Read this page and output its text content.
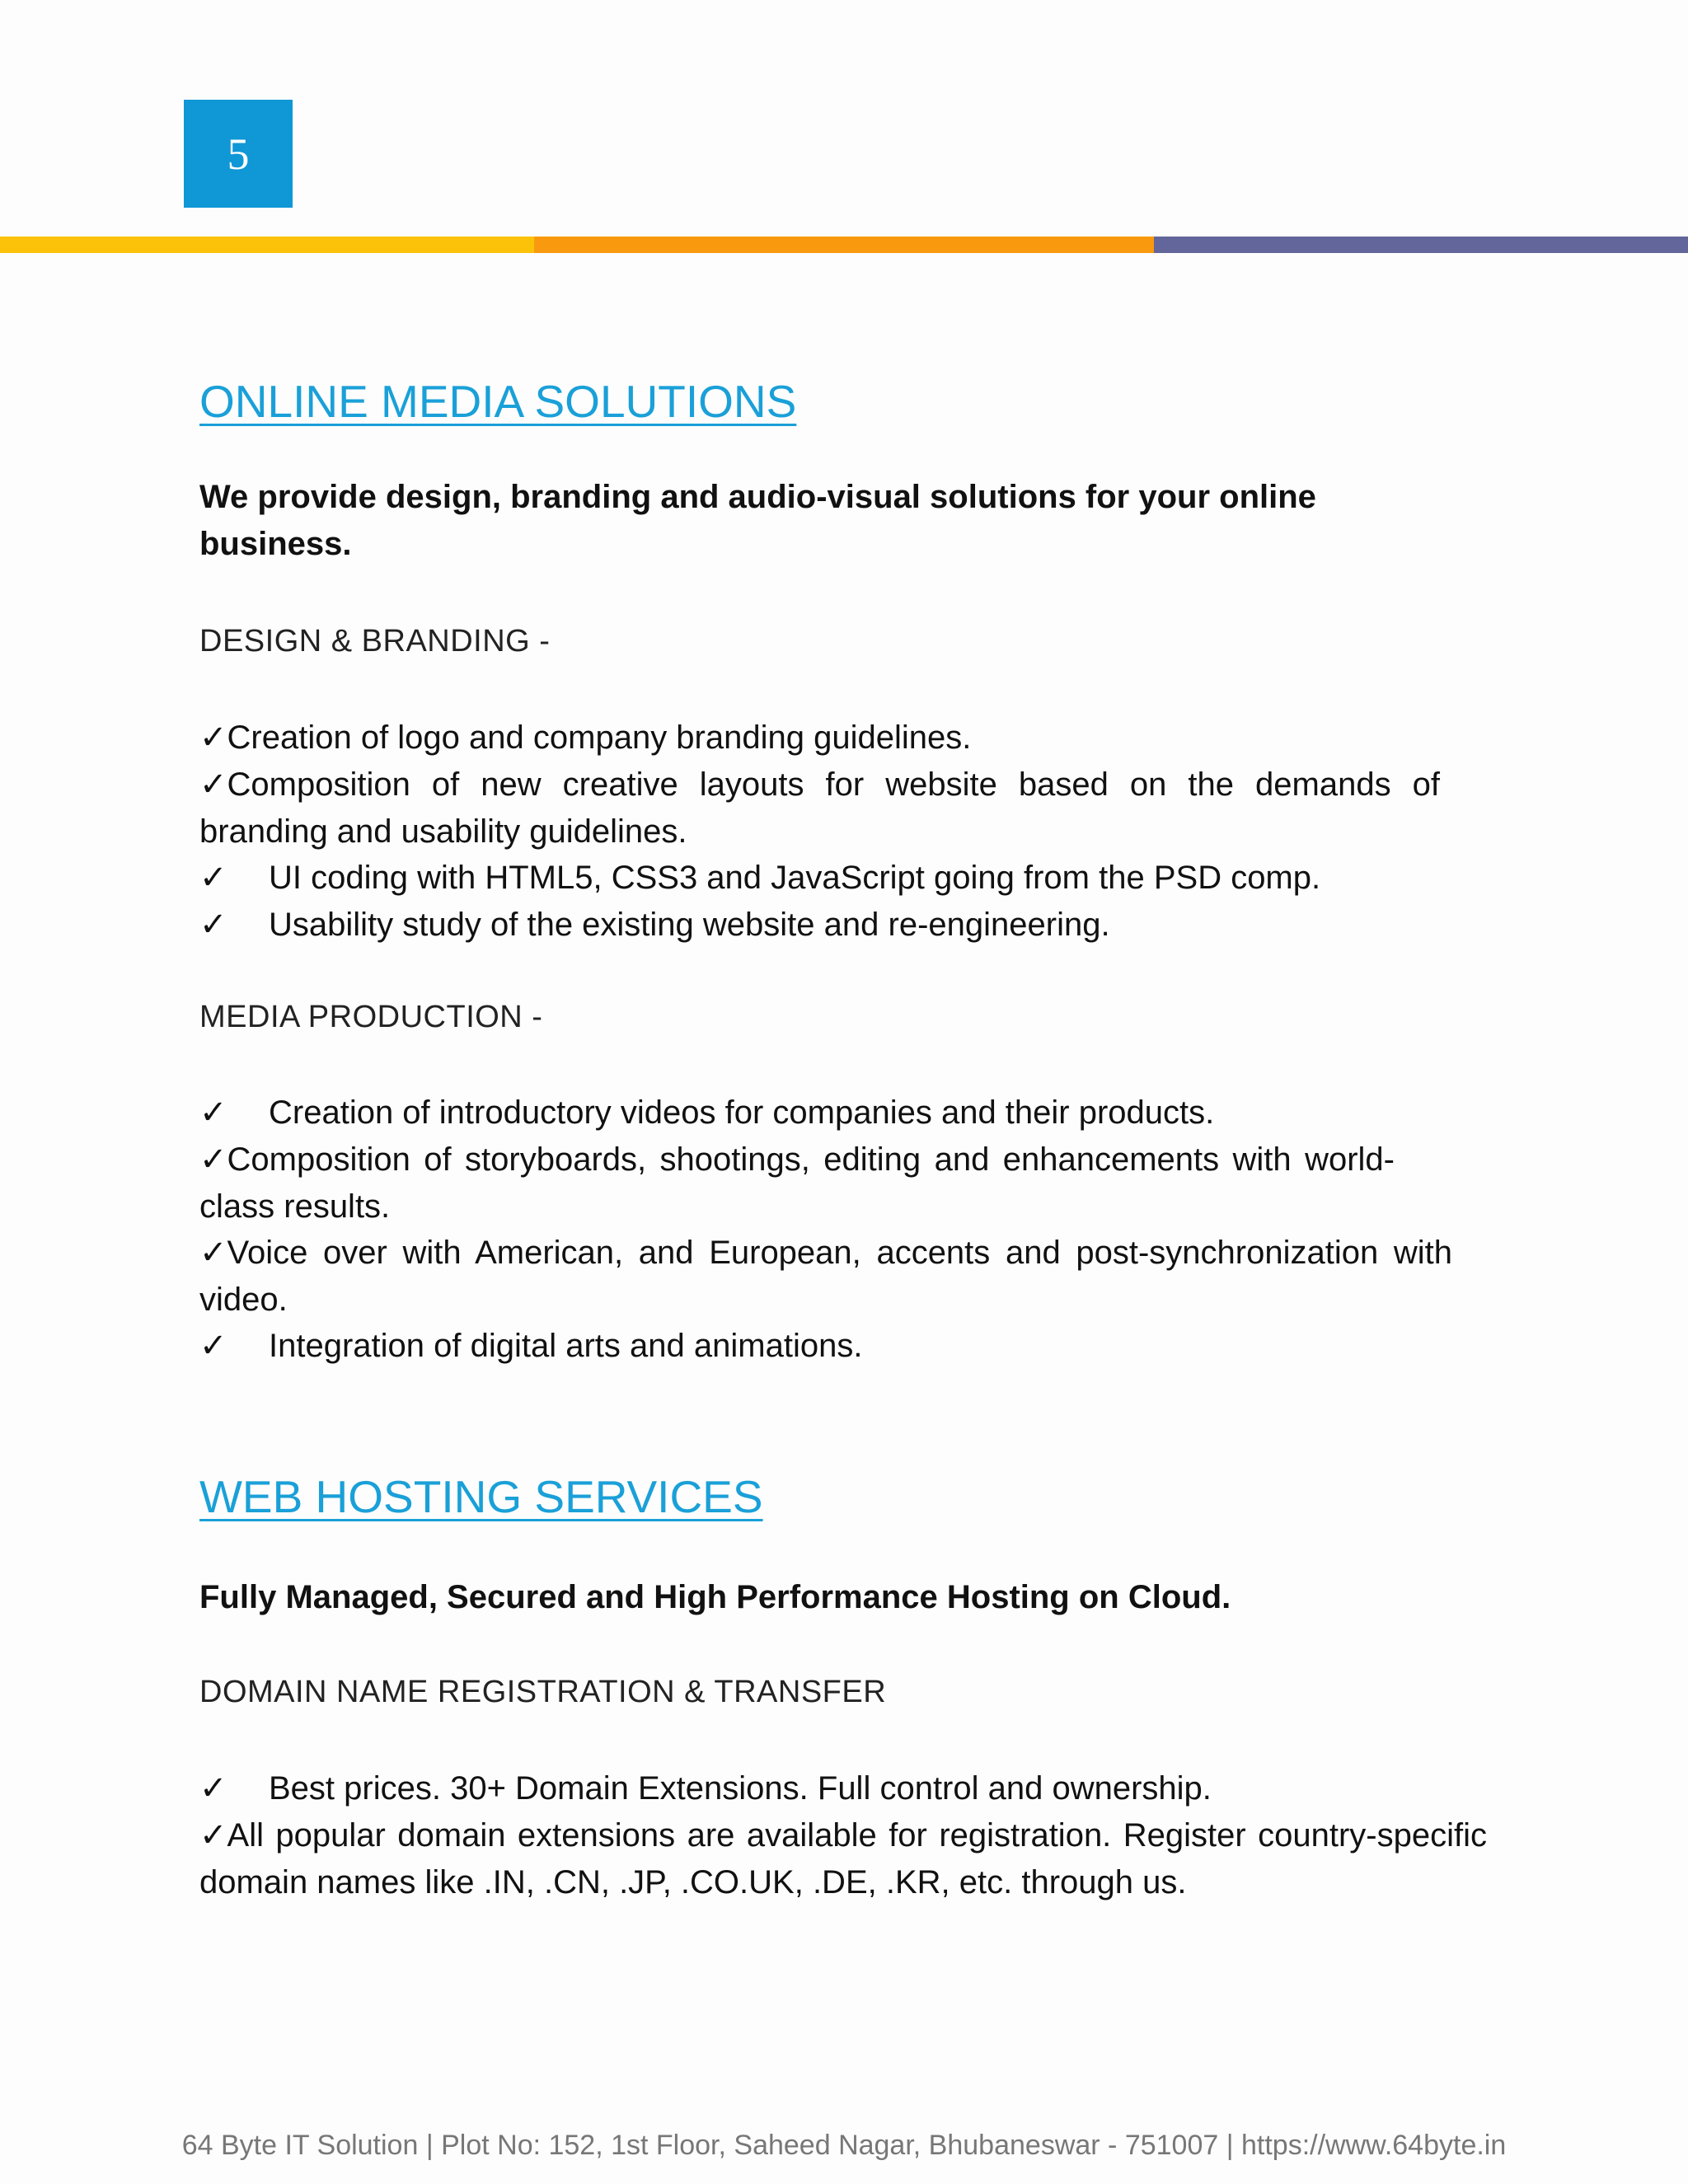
5
ONLINE MEDIA SOLUTIONS

We provide design, branding and audio-visual solutions for your online business.

DESIGN & BRANDING -

✓Creation of logo and company branding guidelines.

✓Composition of new creative layouts for website based on the demands of branding and usability guidelines.

✓ UI coding with HTML5, CSS3 and JavaScript going from the PSD comp.

✓ Usability study of the existing website and re-engineering.

MEDIA PRODUCTION -

✓ Creation of introductory videos for companies and their products.

✓Composition of storyboards, shootings, editing and enhancements with world-class results.

✓Voice over with American, and European, accents and post-synchronization with video.

✓ Integration of digital arts and animations.

WEB HOSTING SERVICES

Fully Managed, Secured and High Performance Hosting on Cloud.

DOMAIN NAME REGISTRATION & TRANSFER

✓ Best prices. 30+ Domain Extensions. Full control and ownership.

✓All popular domain extensions are available for registration. Register country-specific domain names like .IN, .CN, .JP, .CO.UK, .DE, .KR, etc. through us.

64 Byte IT Solution | Plot No: 152, 1st Floor, Saheed Nagar, Bhubaneswar - 751007 | https://www.64byte.in
